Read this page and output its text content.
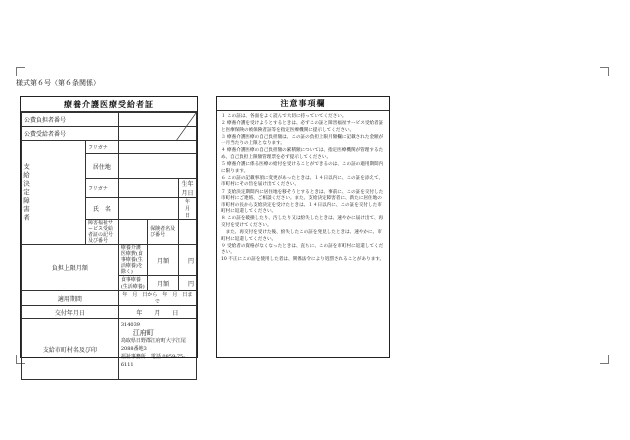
様式第６号（第６条関係）
療養介護医療受給者証
公費負担者番号	

公費受給者番号				

支給決定障害者	フリガナ			
	居住地			
	フリガナ			生年月日
	氏　名			年　月　日
	障害福祉サービス受給者証の記号及び番号		保険者名及び番号	
負担上限月額		療養介護医療費(食事療養(生活療養)を除く)	月額	円
		食事療養(生活療養)	月額	円
適用期間		年　月　日から　年　月　日まで		
交付年月日		年　　月　　日		
支給市町村名及び印		314039
江府町
鳥取県日野郡江府町大字江尾2088番地3
福祉事務所　電話 0859-75-6111		
注意事項欄
１ この証は、各面をよく読んで大切に持っていてください。
２ 療養介護を受けようとするときは、必ずこの証と障害福祉サービス受給者証と医療保険の被保険者証等を指定医療機関に提示してください。
３ 療養介護医療の自己負担額は、この証の負担上限月額欄に記載された金額が一月当たりの上限となります。
４ 療養介護医療の自己負担額の累積額については、指定医療機関が管理するため、自己負担上限額管理票を必ず提示してください。
５ 療養介護に係る医療の給付を受けることができるのは、この証の適用期間内に限ります。
６ この証の記載事項に変更があったときは、１４日以内に、この証を添えて、市町村にその旨を届け出てください。
７ 支給決定期間内に居住地を移そうとするときは、事前に、この証を交付した市町村にご連絡、ご相談ください。また、支給決定障害者に、新たに居住地の市町村の長から支給決定を受けたときは、１４日以内に、この証を交付した市町村に返還してください。
８ この証を破損したり、汚したり又は紛失したときは、速やかに届け出て、再交付を受けてください。
　また、再交付を受けた後、紛失したこの証を発見したときは、速やかに、市町村に返還してください。
９ 受給者の資格がなくなったときは、直ちに、この証を市町村に返還してください。
10 不正にこの証を使用した者は、関係法令により処罰されることがあります。
